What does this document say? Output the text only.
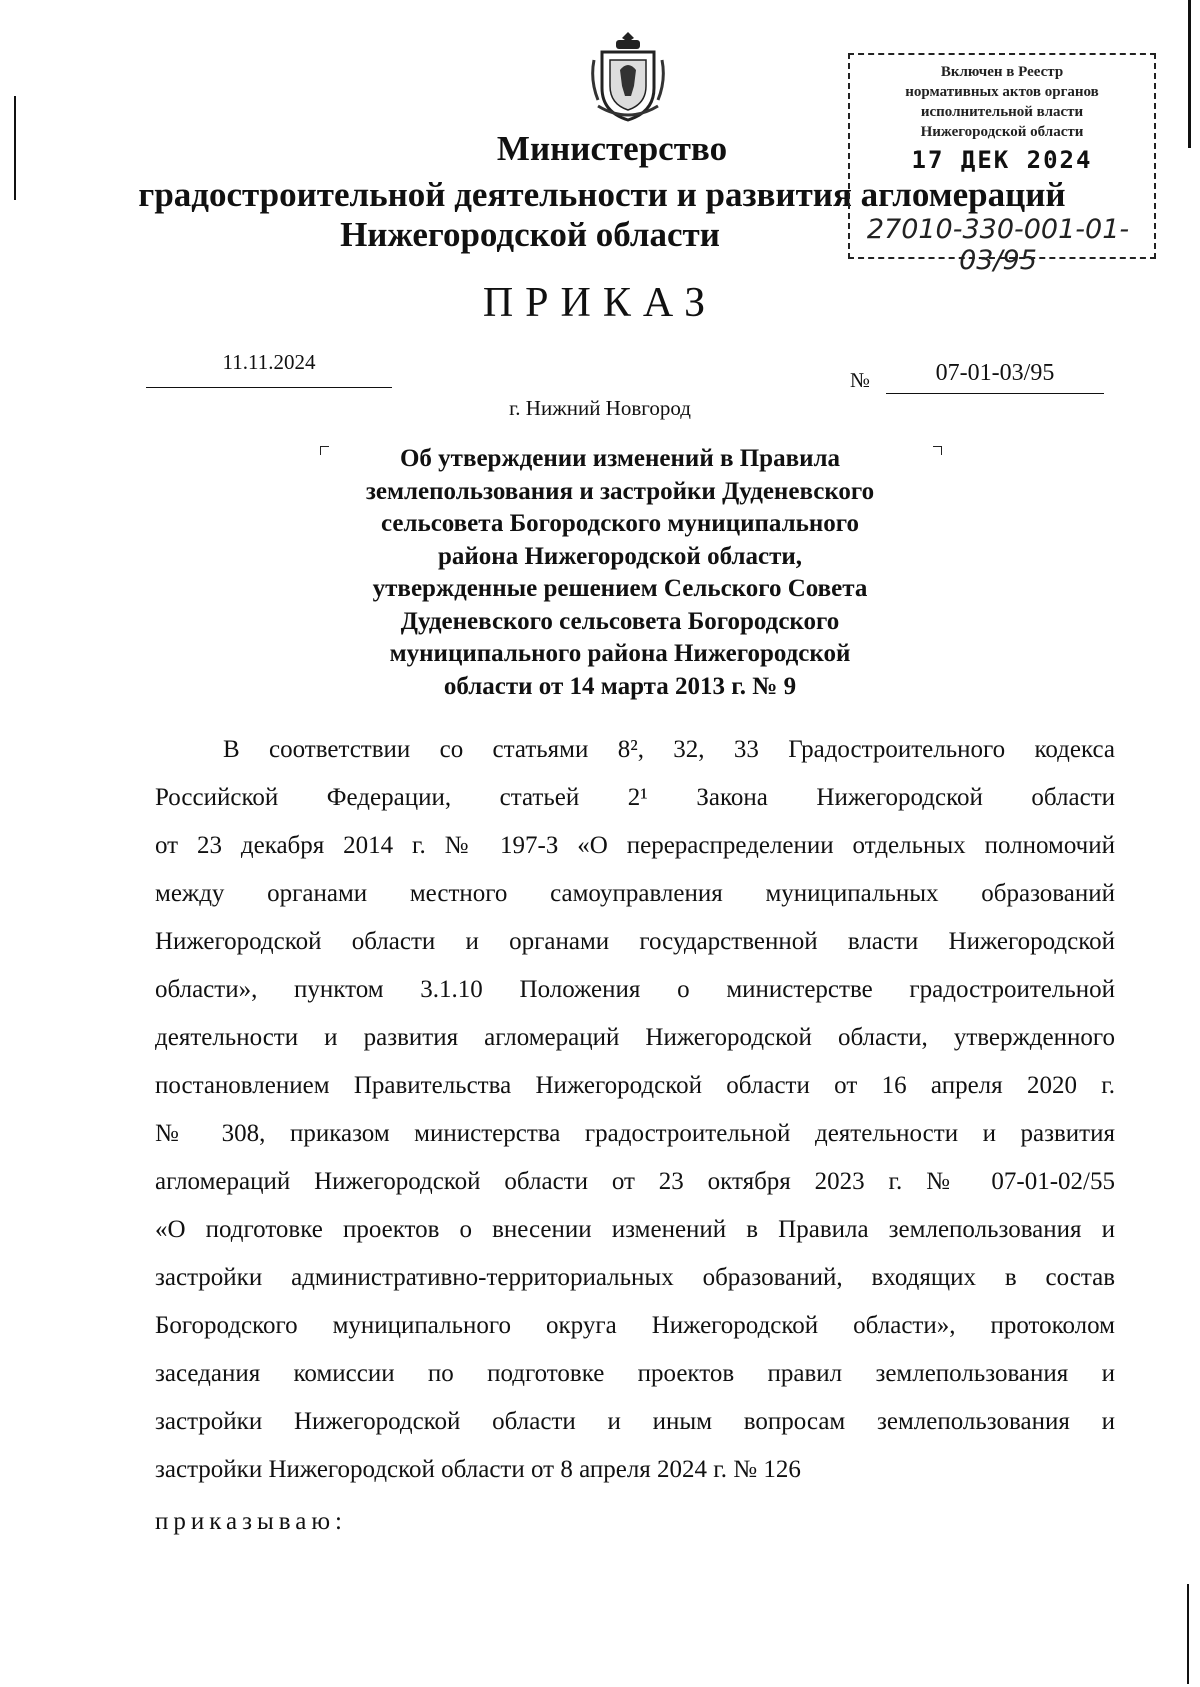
Министерство
градостроительной деятельности и развития агломераций
Нижегородской области
Включен в Реестр
нормативных актов органов
исполнительной власти
Нижегородской области
17 ДЕК 2024
27010-330-001-01-03/95
ПРИКАЗ
11.11.2024
№	07-01-03/95
г. Нижний Новгород
Об утверждении изменений в Правила
землепользования и застройки Дуденевского
сельсовета Богородского муниципального
района Нижегородской области,
утвержденные решением Сельского Совета
Дуденевского сельсовета Богородского
муниципального района Нижегородской
области от 14 марта 2013 г. № 9
В соответствии со статьями 8², 32, 33 Градостроительного кодекса
Российской Федерации, статьей 2¹ Закона Нижегородской области
от 23 декабря 2014 г. № 197-З «О перераспределении отдельных полномочий
между органами местного самоуправления муниципальных образований
Нижегородской области и органами государственной власти Нижегородской
области», пунктом 3.1.10 Положения о министерстве градостроительной
деятельности и развития агломераций Нижегородской области, утвержденного
постановлением Правительства Нижегородской области от 16 апреля 2020 г.
№ 308, приказом министерства градостроительной деятельности и развития
агломераций Нижегородской области от 23 октября 2023 г. № 07-01-02/55
«О подготовке проектов о внесении изменений в Правила землепользования и
застройки административно-территориальных образований, входящих в состав
Богородского муниципального округа Нижегородской области», протоколом
заседания комиссии по подготовке проектов правил землепользования и
застройки Нижегородской области и иным вопросам землепользования и
застройки Нижегородской области от 8 апреля 2024 г. № 126
приказываю:
